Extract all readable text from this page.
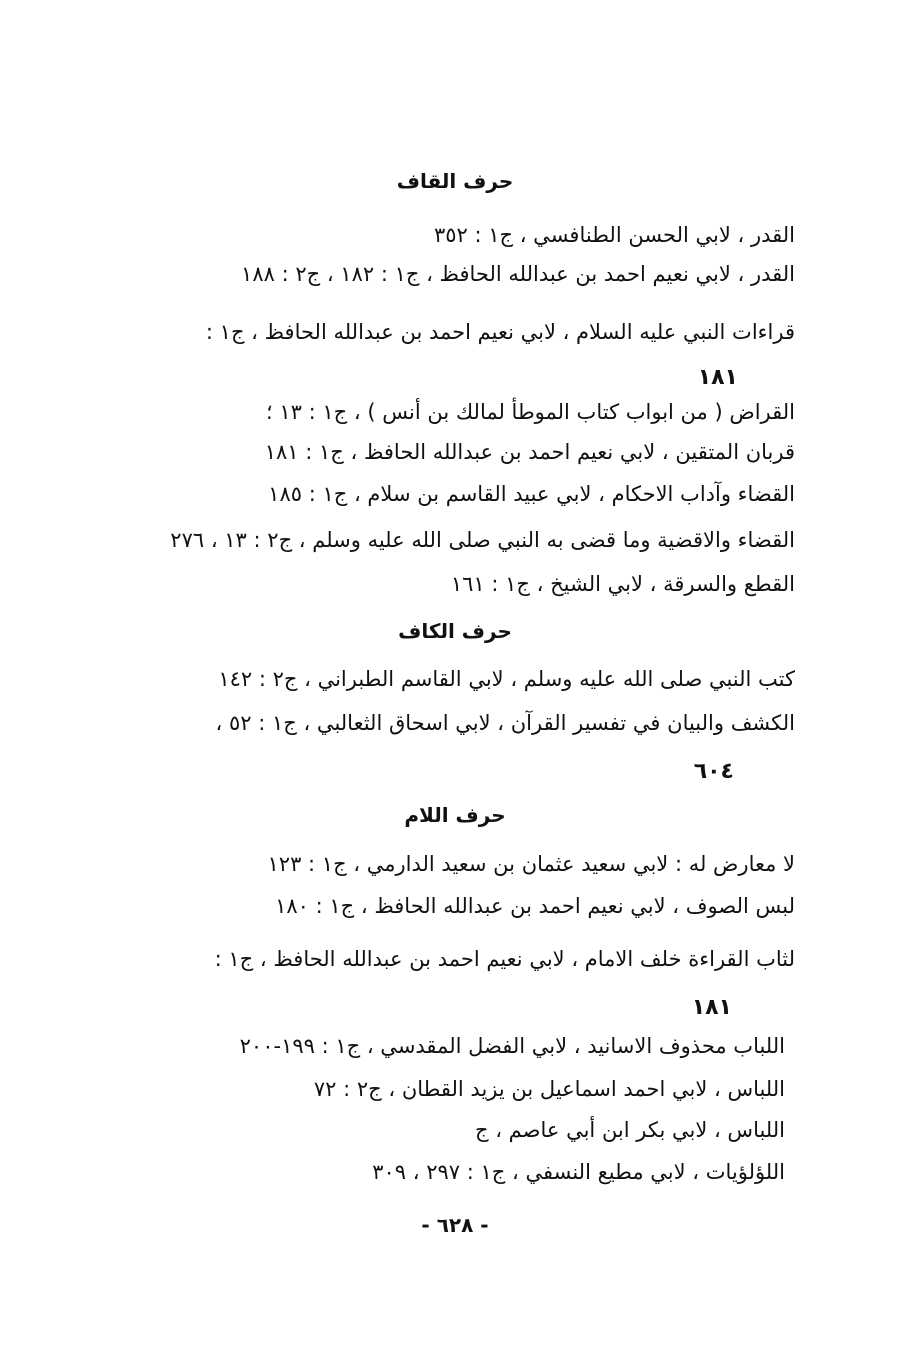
حرف القاف
القدر ، لابي الحسن الطنافسي ، ج١ : ٣٥٢
القدر ، لابي نعيم احمد بن عبدالله الحافظ ، ج١ : ١٨٢ ، ج٢ : ١٨٨
قراءات النبي عليه السلام ، لابي نعيم احمد بن عبدالله الحافظ ، ج١ :
١٨١
القراض ( من ابواب كتاب الموطأ لمالك بن أنس ) ، ج١ : ١٣ ؛
قربان المتقين ، لابي نعيم احمد بن عبدالله الحافظ ، ج١ : ١٨١
القضاء وآداب الاحكام ، لابي عبيد القاسم بن سلام ، ج١ : ١٨٥
القضاء والاقضية وما قضى به النبي صلى الله عليه وسلم ، ج٢ : ١٣ ، ٢٧٦
القطع والسرقة ، لابي الشيخ ، ج١ : ١٦١
حرف الكاف
كتب النبي صلى الله عليه وسلم ، لابي القاسم الطبراني ، ج٢ : ١٤٢
الكشف والبيان في تفسير القرآن ، لابي اسحاق الثعالبي ، ج١ : ٥٢ ،
٦٠٤
حرف اللام
لا معارض له : لابي سعيد عثمان بن سعيد الدارمي ، ج١ : ١٢٣
لبس الصوف ، لابي نعيم احمد بن عبدالله الحافظ ، ج١ : ١٨٠
لثاب القراءة خلف الامام ، لابي نعيم احمد بن عبدالله الحافظ ، ج١ :
١٨١
اللباب محذوف الاسانيد ، لابي الفضل المقدسي ، ج١ : ١٩٩-٢٠٠
اللباس ، لابي احمد اسماعيل بن يزيد القطان ، ج٢ : ٧٢
اللباس ، لابي بكر ابن أبي عاصم ، ج
اللؤلؤيات ، لابي مطيع النسفي ، ج١ : ٢٩٧ ، ٣٠٩
- ٦٢٨ -
